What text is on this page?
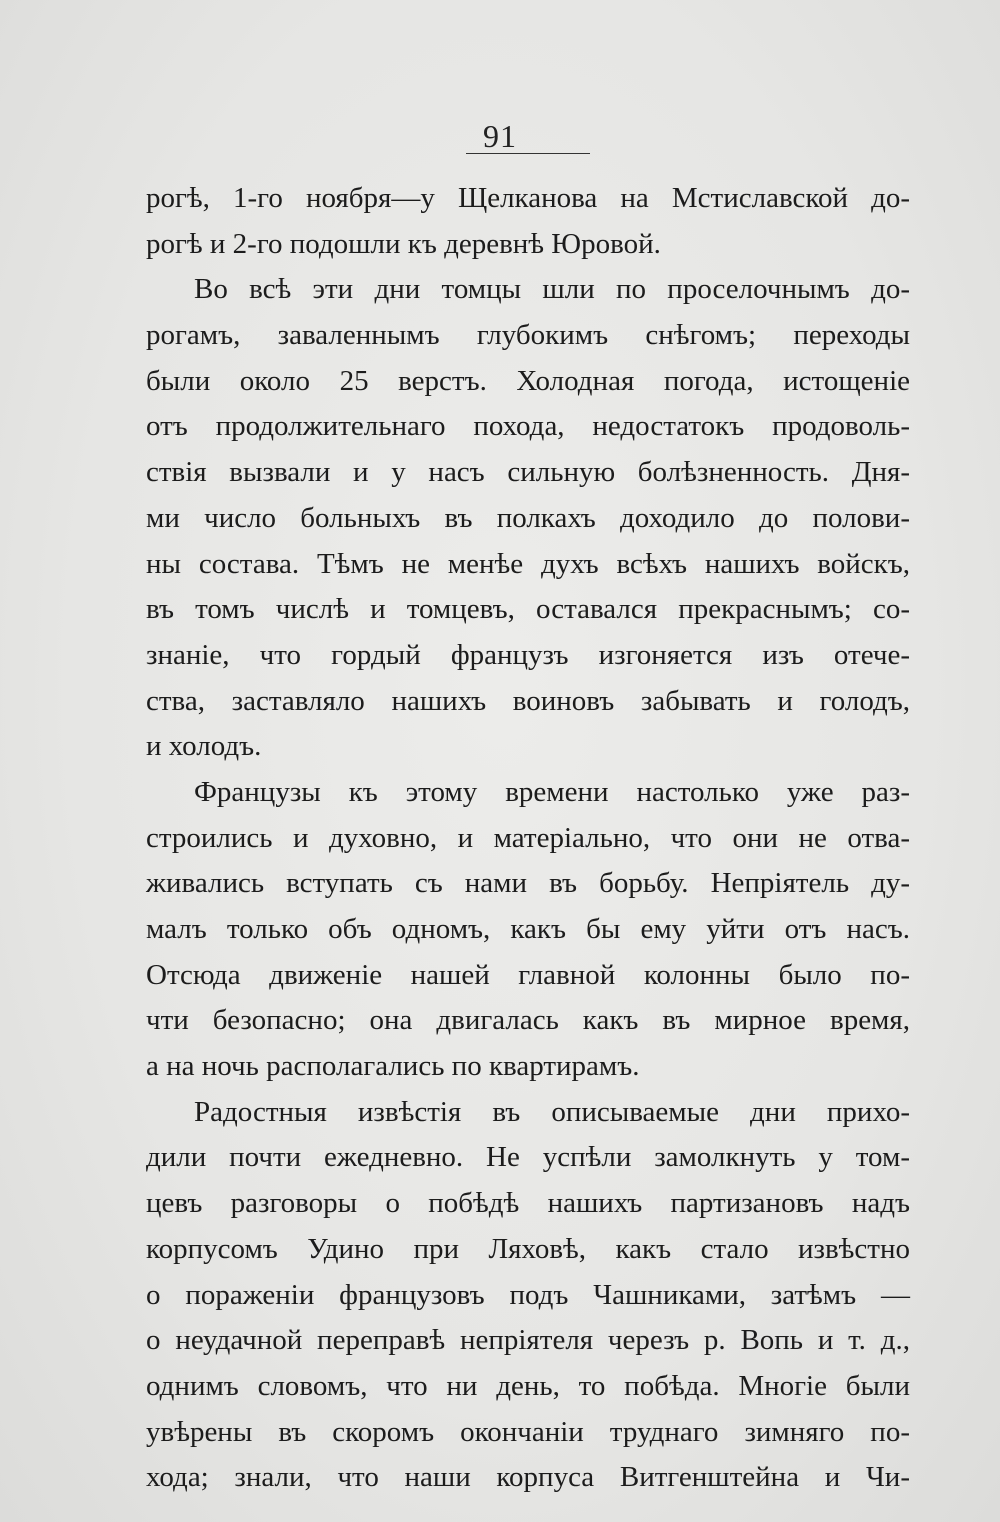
91
рогѣ, 1-го ноября—у Щелканова на Мстиславской до-
рогѣ и 2-го подошли къ деревнѣ Юровой.
Во всѣ эти дни томцы шли по проселочнымъ до-
рогамъ, заваленнымъ глубокимъ снѣгомъ; переходы
были около 25 верстъ. Холодная погода, истощеніе
отъ продолжительнаго похода, недостатокъ продоволь-
ствія вызвали и у насъ сильную болѣзненность. Дня-
ми число больныхъ въ полкахъ доходило до полови-
ны состава. Тѣмъ не менѣе духъ всѣхъ нашихъ войскъ,
въ томъ числѣ и томцевъ, оставался прекраснымъ; со-
знаніе, что гордый французъ изгоняется изъ отече-
ства, заставляло нашихъ воиновъ забывать и голодъ,
и холодъ.
Французы къ этому времени настолько уже раз-
строились и духовно, и матеріально, что они не отва-
живались вступать съ нами въ борьбу. Непріятель ду-
малъ только объ одномъ, какъ бы ему уйти отъ насъ.
Отсюда движеніе нашей главной колонны было по-
чти безопасно; она двигалась какъ въ мирное время,
а на ночь располагались по квартирамъ.
Радостныя извѣстія въ описываемые дни прихо-
дили почти ежедневно. Не успѣли замолкнуть у том-
цевъ разговоры о побѣдѣ нашихъ партизановъ надъ
корпусомъ Удино при Ляховѣ, какъ стало извѣстно
о пораженіи французовъ подъ Чашниками, затѣмъ —
о неудачной переправѣ непріятеля черезъ р. Вопь и т. д.,
однимъ словомъ, что ни день, то побѣда. Многіе были
увѣрены въ скоромъ окончаніи труднаго зимняго по-
хода; знали, что наши корпуса Витгенштейна и Чи-
